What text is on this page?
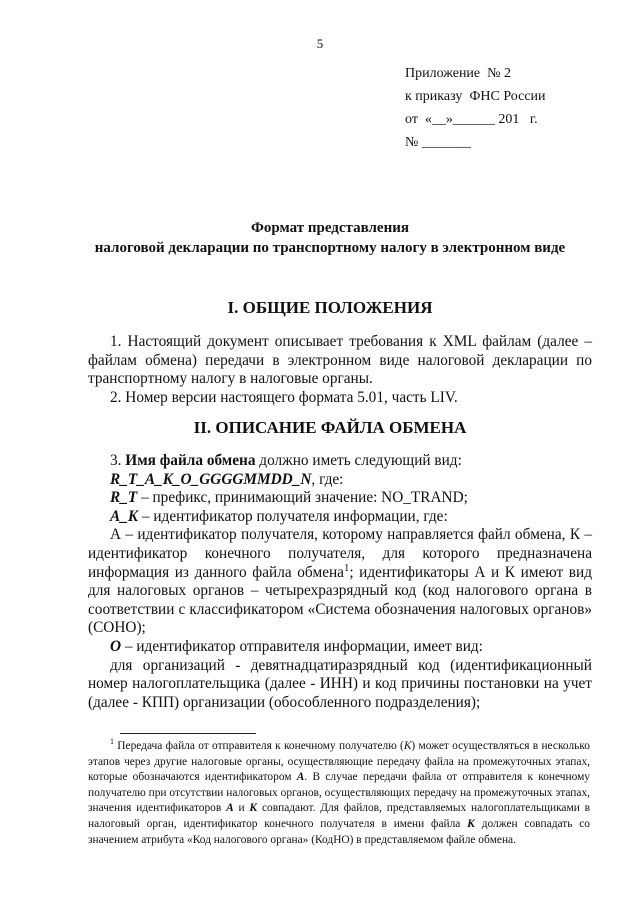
5
Приложение  № 2
к приказу  ФНС России
от  «__»______ 201   г.
№ _______
Формат представления
налоговой декларации по транспортному налогу в электронном виде
I. ОБЩИЕ ПОЛОЖЕНИЯ
1. Настоящий документ описывает требования к XML файлам (далее – файлам обмена) передачи в электронном виде налоговой декларации по транспортному налогу в налоговые органы.
2. Номер версии настоящего формата 5.01, часть LIV.
II. ОПИСАНИЕ ФАЙЛА ОБМЕНА
3. Имя файла обмена должно иметь следующий вид:
R_T_A_K_O_GGGGMMDD_N, где:
R_T – префикс, принимающий значение: NO_TRAND;
A_K – идентификатор получателя информации, где:
А – идентификатор получателя, которому направляется файл обмена, К – идентификатор конечного получателя, для которого предназначена информация из данного файла обмена$^1$; идентификаторы А и К имеют вид для налоговых органов – четырехразрядный код (код налогового органа в соответствии с классификатором «Система обозначения налоговых органов» (СОНО);
O – идентификатор отправителя информации, имеет вид:
для организаций - девятнадцатиразрядный код (идентификационный номер налогоплательщика (далее - ИНН) и код причины постановки на учет (далее - КПП) организации (обособленного подразделения);
$^1$ Передача файла от отправителя к конечному получателю (К) может осуществляться в несколько этапов через другие налоговые органы, осуществляющие передачу файла на промежуточных этапах, которые обозначаются идентификатором А. В случае передачи файла от отправителя к конечному получателю при отсутствии налоговых органов, осуществляющих передачу на промежуточных этапах, значения идентификаторов А и К совпадают. Для файлов, представляемых налогоплательщиками в налоговый орган, идентификатор конечного получателя в имени файла К должен совпадать со значением атрибута «Код налогового органа» (КодНО) в представляемом файле обмена.
